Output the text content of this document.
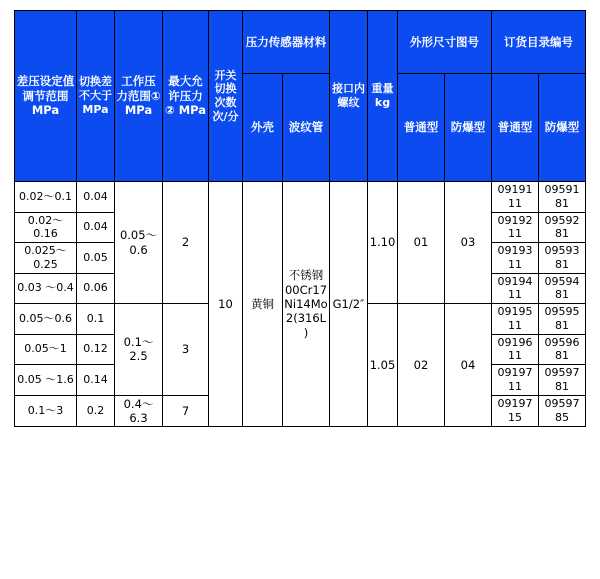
差压设定值调节范围 MPa	切换差不大于MPa	工作压力范围① MPa	最大允许压力② MPa	开关切换次数次/分	压力传感器材料		接口内螺纹	重量kg	外形尺寸图号		订货目录编号	
					外壳	波纹管			普通型	防爆型	普通型	防爆型
0.02～0.1	0.04	0.05～0.6	2	10	黄铜	不锈钢00Cr17Ni14Mo2(316L)	G1/2″	1.10	01	03	09191 11	09591 81
0.02～0.16	0.04										09192 11	09592 81
0.025～0.25	0.05										09193 11	09593 81
0.03 ～0.4	0.06										09194 11	09594 81
0.05～0.6	0.1	0.1～2.5	3					1.05	02	04	09195 11	09595 81
0.05～1	0.12										09196 11	09596 81
0.05 ～1.6	0.14										09197 11	09597 81
0.1～3	0.2	0.4～6.3	7								09197 15	09597 85
